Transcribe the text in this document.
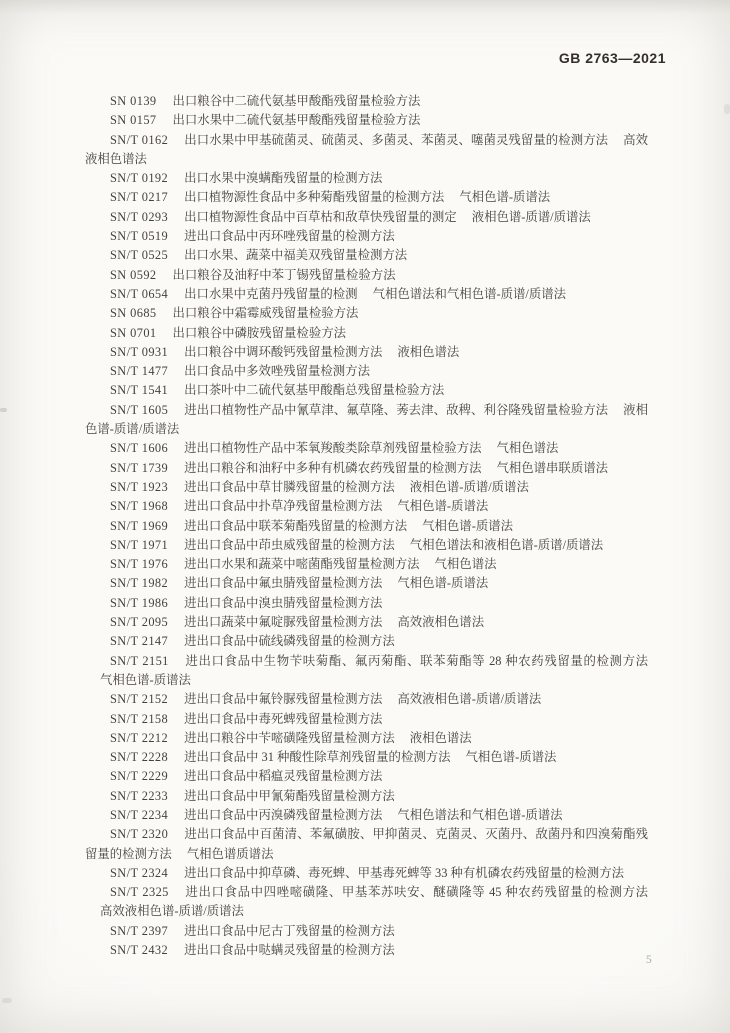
GB 2763—2021

SN 0139 出口粮谷中二硫代氨基甲酸酯残留量检验方法

SN 0157 出口水果中二硫代氨基甲酸酯残留量检验方法

SN/T 0162 出口水果中甲基硫菌灵、硫菌灵、多菌灵、苯菌灵、噻菌灵残留量的检测方法 高效液相色谱法

SN/T 0192 出口水果中溴螨酯残留量的检测方法

SN/T 0217 出口植物源性食品中多种菊酯残留量的检测方法 气相色谱-质谱法

SN/T 0293 出口植物源性食品中百草枯和敌草快残留量的测定 液相色谱-质谱/质谱法

SN/T 0519 进出口食品中丙环唑残留量的检测方法

SN/T 0525 出口水果、蔬菜中福美双残留量检测方法

SN 0592 出口粮谷及油籽中苯丁锡残留量检验方法

SN/T 0654 出口水果中克菌丹残留量的检测 气相色谱法和气相色谱-质谱/质谱法

SN 0685 出口粮谷中霜霉威残留量检验方法

SN 0701 出口粮谷中磷胺残留量检验方法

SN/T 0931 出口粮谷中调环酸钙残留量检测方法 液相色谱法

SN/T 1477 出口食品中多效唑残留量检测方法

SN/T 1541 出口茶叶中二硫代氨基甲酸酯总残留量检验方法

SN/T 1605 进出口植物性产品中氰草津、氟草隆、莠去津、敌稗、利谷隆残留量检验方法 液相色谱-质谱/质谱法

SN/T 1606 进出口植物性产品中苯氧羧酸类除草剂残留量检验方法 气相色谱法

SN/T 1739 进出口粮谷和油籽中多种有机磷农药残留量的检测方法 气相色谱串联质谱法

SN/T 1923 进出口食品中草甘膦残留量的检测方法 液相色谱-质谱/质谱法

SN/T 1968 进出口食品中扑草净残留量检测方法 气相色谱-质谱法

SN/T 1969 进出口食品中联苯菊酯残留量的检测方法 气相色谱-质谱法

SN/T 1971 进出口食品中茚虫威残留量的检测方法 气相色谱法和液相色谱-质谱/质谱法

SN/T 1976 进出口水果和蔬菜中嘧菌酯残留量检测方法 气相色谱法

SN/T 1982 进出口食品中氟虫腈残留量检测方法 气相色谱-质谱法

SN/T 1986 进出口食品中溴虫腈残留量检测方法

SN/T 2095 进出口蔬菜中氟啶脲残留量检测方法 高效液相色谱法

SN/T 2147 进出口食品中硫线磷残留量的检测方法

SN/T 2151 进出口食品中生物苄呋菊酯、氟丙菊酯、联苯菊酯等 28 种农药残留量的检测方法气相色谱-质谱法

SN/T 2152 进出口食品中氟铃脲残留量检测方法 高效液相色谱-质谱/质谱法

SN/T 2158 进出口食品中毒死蜱残留量检测方法

SN/T 2212 进出口粮谷中苄嘧磺隆残留量检测方法 液相色谱法

SN/T 2228 进出口食品中 31 种酸性除草剂残留量的检测方法 气相色谱-质谱法

SN/T 2229 进出口食品中稻瘟灵残留量检测方法

SN/T 2233 进出口食品中甲氰菊酯残留量检测方法

SN/T 2234 进出口食品中丙溴磷残留量检测方法 气相色谱法和气相色谱-质谱法

SN/T 2320 进出口食品中百菌清、苯氟磺胺、甲抑菌灵、克菌灵、灭菌丹、敌菌丹和四溴菊酯残留量的检测方法 气相色谱质谱法

SN/T 2324 进出口食品中抑草磷、毒死蜱、甲基毒死蜱等 33 种有机磷农药残留量的检测方法

SN/T 2325 进出口食品中四唑嘧磺隆、甲基苯苏呋安、醚磺隆等 45 种农药残留量的检测方法高效液相色谱-质谱/质谱法

SN/T 2397 进出口食品中尼古丁残留量的检测方法

SN/T 2432 进出口食品中哒螨灵残留量的检测方法

5
